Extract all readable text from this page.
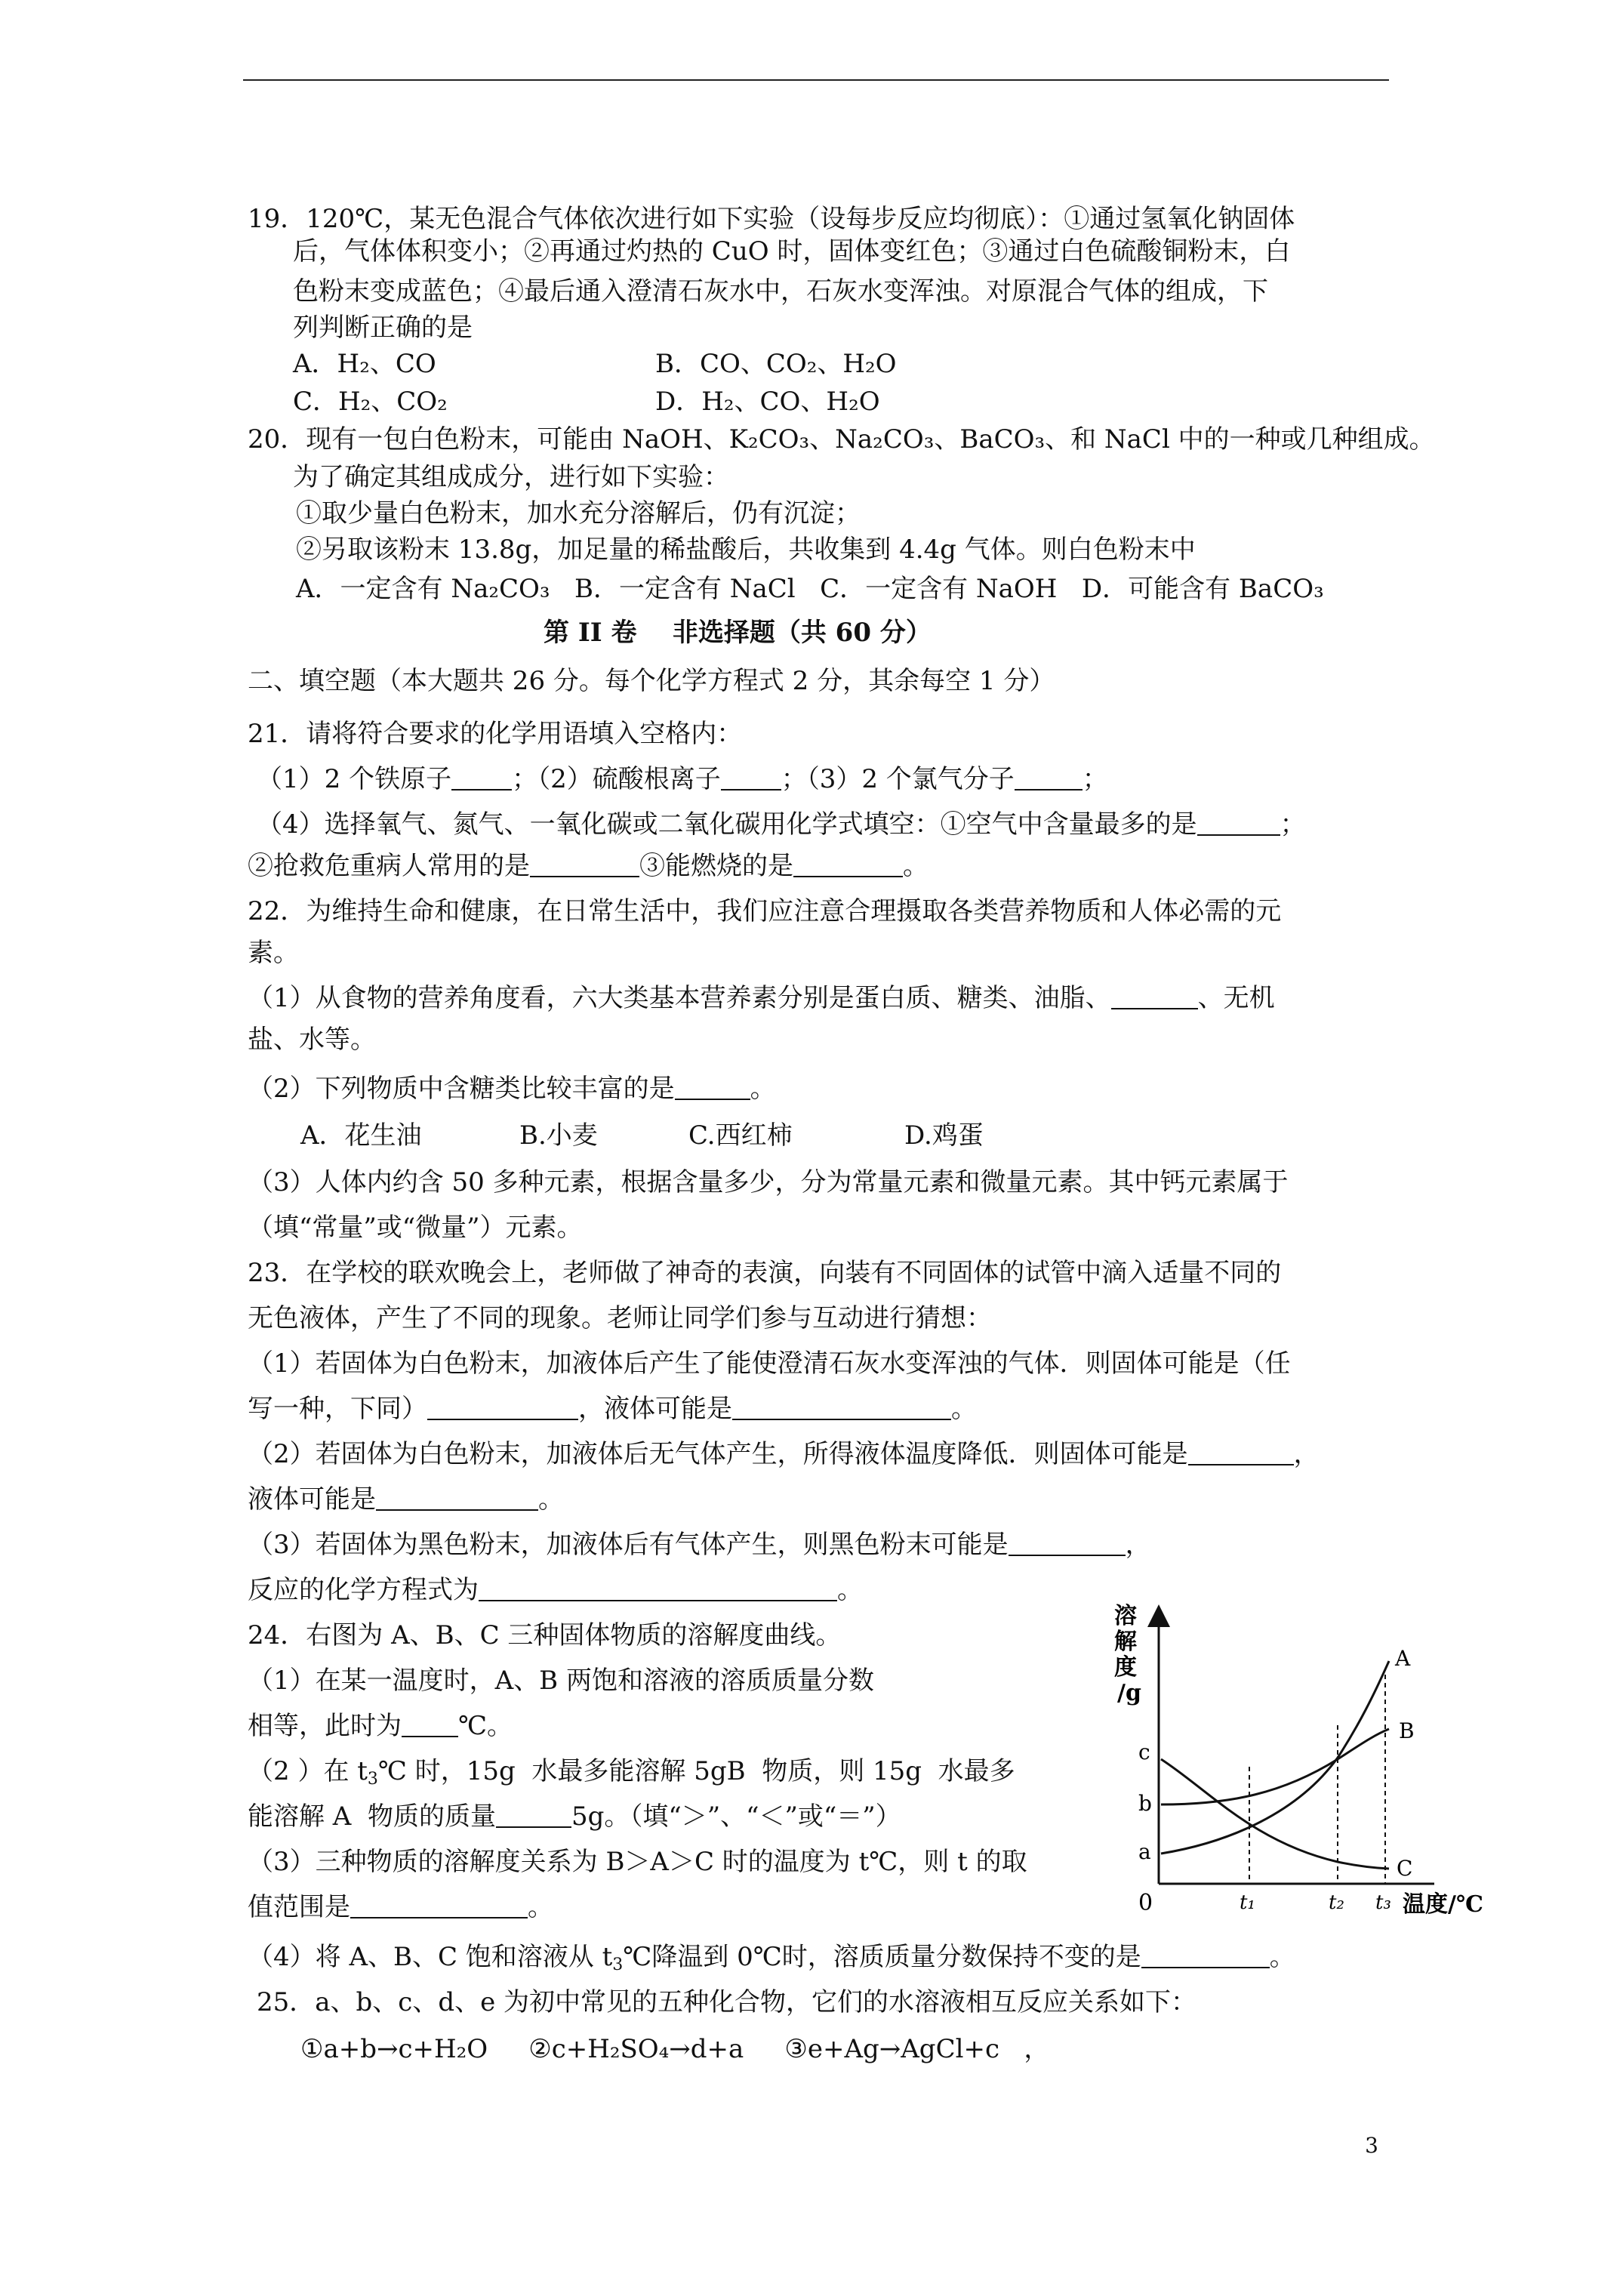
19．120℃，某无色混合气体依次进行如下实验（设每步反应均彻底）：①通过氢氧化钠固体
后，气体体积变小；②再通过灼热的 CuO 时，固体变红色；③通过白色硫酸铜粉末，白
色粉末变成蓝色；④最后通入澄清石灰水中，石灰水变浑浊。对原混合气体的组成，下
列判断正确的是
A．H₂、CO	B．CO、CO₂、H₂O
C．H₂、CO₂	D．H₂、CO、H₂O
20．现有一包白色粉末，可能由 NaOH、K₂CO₃、Na₂CO₃、BaCO₃、和 NaCl 中的一种或几种组成。
为了确定其组成成分，进行如下实验：
①取少量白色粉末，加水充分溶解后，仍有沉淀；
②另取该粉末 13.8g，加足量的稀盐酸后，共收集到 4.4g 气体。则白色粉末中
A．一定含有 Na₂CO₃   B．一定含有 NaCl   C．一定含有 NaOH   D．可能含有 BaCO₃
第 II 卷    非选择题（共 60 分）
二、填空题（本大题共 26 分。每个化学方程式 2 分，其余每空 1 分）
21．请将符合要求的化学用语填入空格内：
（1）2 个铁原子 ；（2）硫酸根离子 ；（3）2 个氯气分子	；
（4）选择氧气、氮气、一氧化碳或二氧化碳用化学式填空：①空气中含量最多的是	；
②抢救危重病人常用的是	③能燃烧的是	。
22．为维持生命和健康，在日常生活中，我们应注意合理摄取各类营养物质和人体必需的元
素。
（1）从食物的营养角度看，六大类基本营养素分别是蛋白质、糖类、油脂、	、无机
盐、水等。
（2）下列物质中含糖类比较丰富的是	。
A．花生油	B.小麦	C.西红柿	D.鸡蛋
（3）人体内约含 50 多种元素，根据含量多少，分为常量元素和微量元素。其中钙元素属于
（填“常量”或“微量”）元素。
23．在学校的联欢晚会上，老师做了神奇的表演，向装有不同固体的试管中滴入适量不同的
无色液体，产生了不同的现象。老师让同学们参与互动进行猜想：
（1）若固体为白色粉末，加液体后产生了能使澄清石灰水变浑浊的气体．则固体可能是（任
写一种，下同）	，液体可能是	。
（2）若固体为白色粉末，加液体后无气体产生，所得液体温度降低．则固体可能是	，
液体可能是	。
（3）若固体为黑色粉末，加液体后有气体产生，则黑色粉末可能是	，
反应的化学方程式为	。
24．右图为 A、B、C 三种固体物质的溶解度曲线。
（1）在某一温度时，A、B 两饱和溶液的溶质质量分数
相等，此时为 ℃。
（2 ）在 $t_3℃$ 时，15g  水最多能溶解 5gB  物质，则 15g  水最多
能溶解 A  物质的质量	5g。（填“＞”、“＜”或“＝”）
（3）三种物质的溶解度关系为 B＞A＞C 时的温度为 t℃，则 t 的取
值范围是	。
（4）将 A、B、C 饱和溶液从 $t_3℃$降温到 0℃时，溶质质量分数保持不变的是	。
25．a、b、c、d、e 为初中常见的五种化合物，它们的水溶液相互反应关系如下：
①a+b→c+H₂O     ②c+H₂SO₄→d+a     ③e+Ag→AgCl+c   ，
溶 解 度 /g
c
b
a
0
A
B
C
t₁	t₂ t₃ 温度/℃
3
